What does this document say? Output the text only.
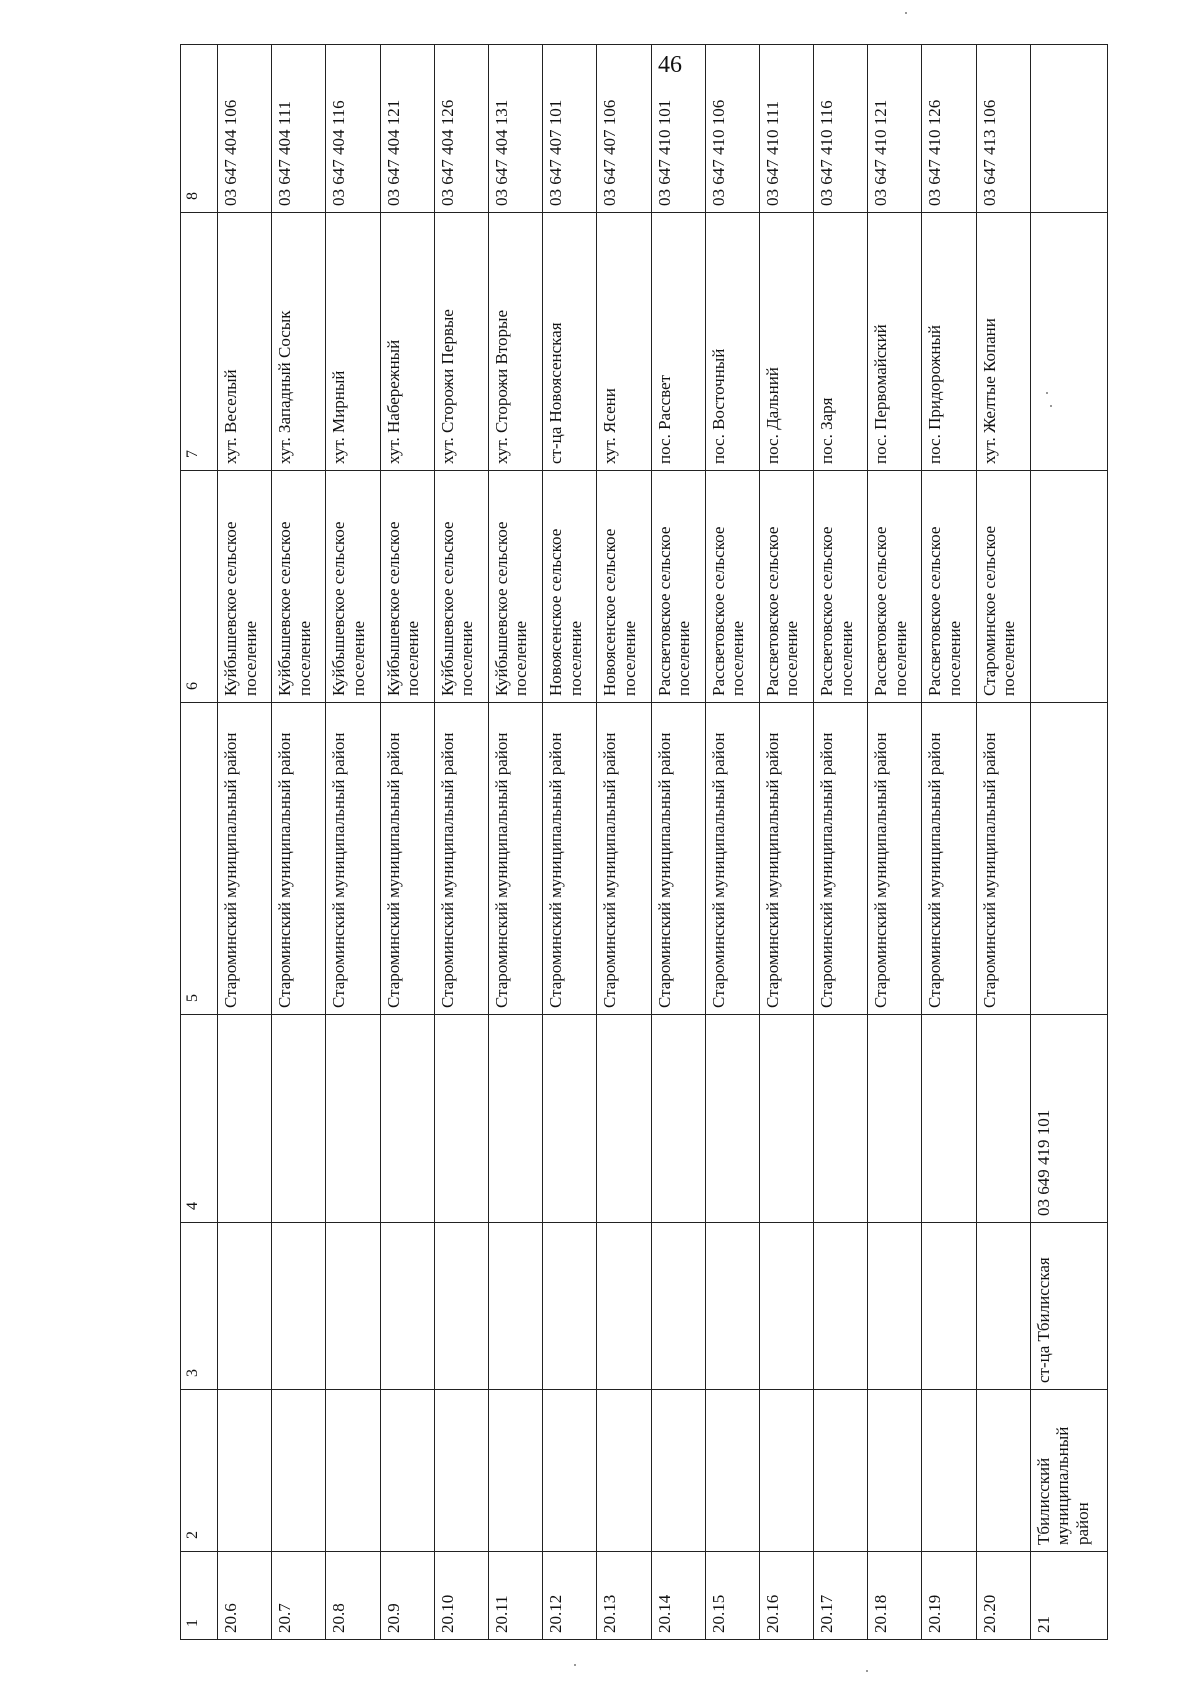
46
1	2	3	4	5	6	7	8
20.6				Староминский муниципальный район	Куйбышевское сельское поселение	хут. Веселый	03 647 404 106
20.7				Староминский муниципальный район	Куйбышевское сельское поселение	хут. Западный Сосык	03 647 404 111
20.8				Староминский муниципальный район	Куйбышевское сельское поселение	хут. Мирный	03 647 404 116
20.9				Староминский муниципальный район	Куйбышевское сельское поселение	хут. Набережный	03 647 404 121
20.10				Староминский муниципальный район	Куйбышевское сельское поселение	хут. Сторожи Первые	03 647 404 126
20.11				Староминский муниципальный район	Куйбышевское сельское поселение	хут. Сторожи Вторые	03 647 404 131
20.12				Староминский муниципальный район	Новоясенское сельское поселение	ст-ца Новоясенская	03 647 407 101
20.13				Староминский муниципальный район	Новоясенское сельское поселение	хут. Ясени	03 647 407 106
20.14				Староминский муниципальный район	Рассветовское сельское поселение	пос. Рассвет	03 647 410 101
20.15				Староминский муниципальный район	Рассветовское сельское поселение	пос. Восточный	03 647 410 106
20.16				Староминский муниципальный район	Рассветовское сельское поселение	пос. Дальний	03 647 410 111
20.17				Староминский муниципальный район	Рассветовское сельское поселение	пос. Заря	03 647 410 116
20.18				Староминский муниципальный район	Рассветовское сельское поселение	пос. Первомайский	03 647 410 121
20.19				Староминский муниципальный район	Рассветовское сельское поселение	пос. Придорожный	03 647 410 126
20.20				Староминский муниципальный район	Староминское сельское поселение	хут. Желтые Копани	03 647 413 106
21	Тбилисский муниципальный район	ст-ца Тбилисская	03 649 419 101				
